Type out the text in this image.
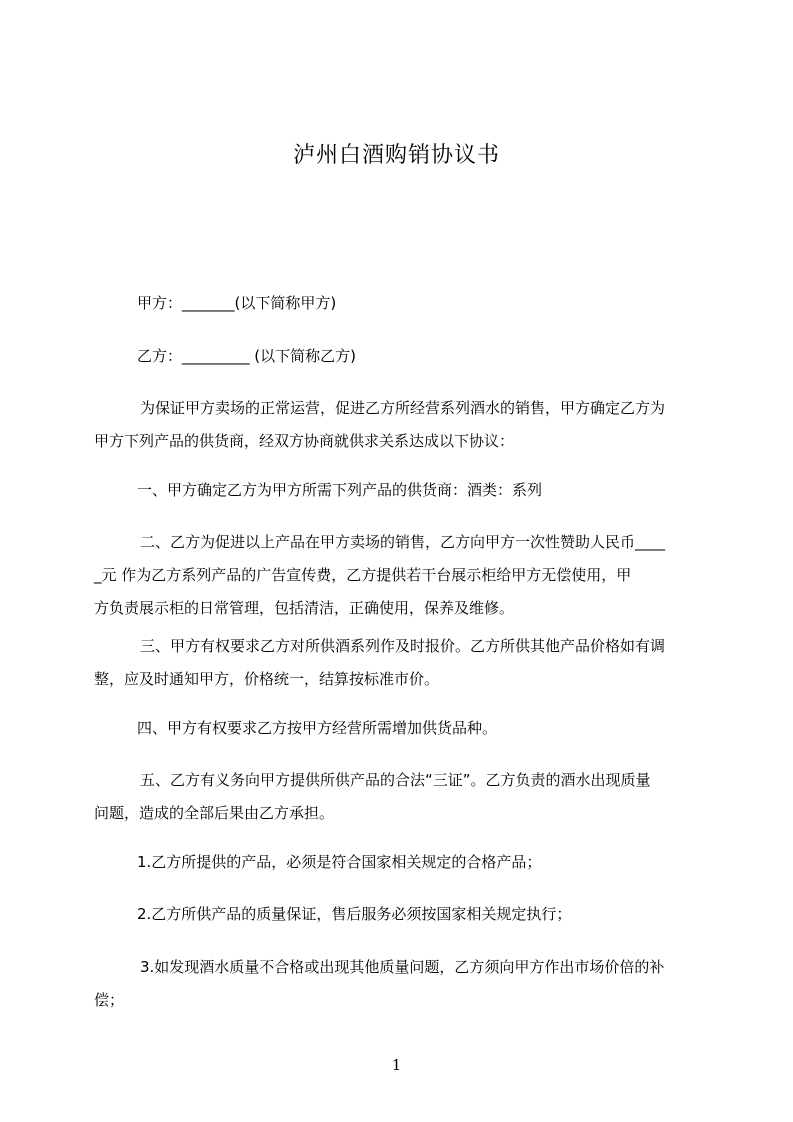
泸州白酒购销协议书
甲方：_______(以下简称甲方)
乙方：_________ (以下简称乙方)
为保证甲方卖场的正常运营，促进乙方所经营系列酒水的销售，甲方确定乙方为
甲方下列产品的供货商，经双方协商就供求关系达成以下协议：
一、甲方确定乙方为甲方所需下列产品的供货商：酒类：系列
二、乙方为促进以上产品在甲方卖场的销售，乙方向甲方一次性赞助人民币____
_元 作为乙方系列产品的广告宣传费，乙方提供若干台展示柜给甲方无偿使用，甲
方负责展示柜的日常管理，包括清洁，正确使用，保养及维修。
三、甲方有权要求乙方对所供酒系列作及时报价。乙方所供其他产品价格如有调
整，应及时通知甲方，价格统一，结算按标准市价。
四、甲方有权要求乙方按甲方经营所需增加供货品种。
五、乙方有义务向甲方提供所供产品的合法“三证”。乙方负责的酒水出现质量
问题，造成的全部后果由乙方承担。
1.乙方所提供的产品，必须是符合国家相关规定的合格产品；
2.乙方所供产品的质量保证，售后服务必须按国家相关规定执行；
3.如发现酒水质量不合格或出现其他质量问题，乙方须向甲方作出市场价倍的补
偿；
1
